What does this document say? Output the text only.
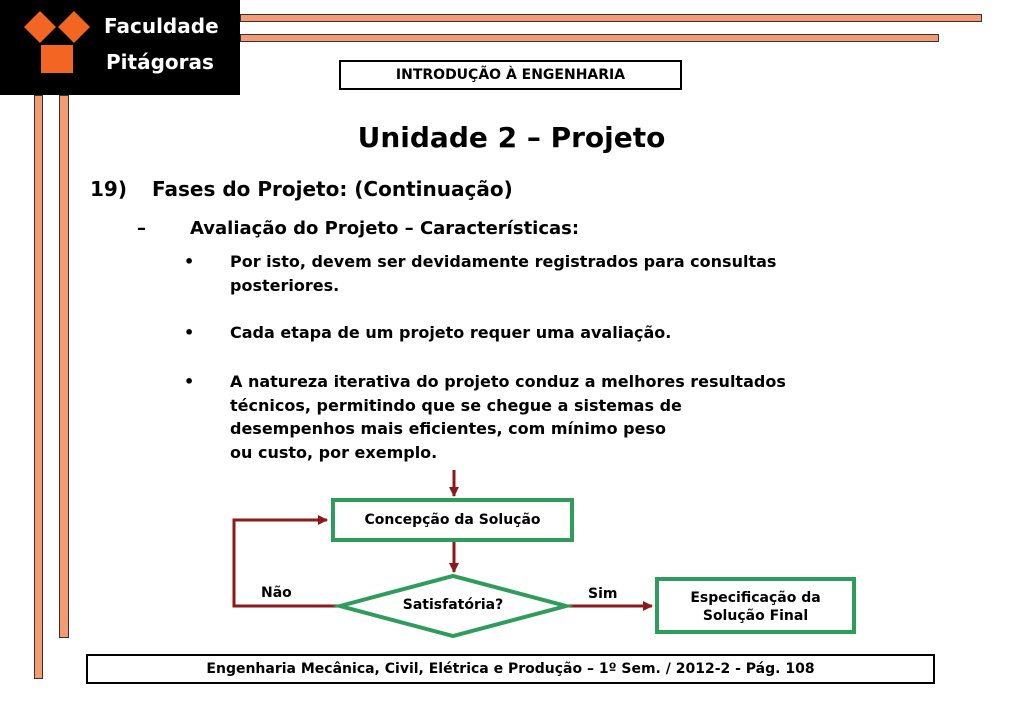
Faculdade
Pitágoras
INTRODUÇÃO À ENGENHARIA
Unidade 2 – Projeto
19) Fases do Projeto: (Continuação)
– Avaliação do Projeto – Características:
• Por isto, devem ser devidamente registrados para consultas
posteriores.
• Cada etapa de um projeto requer uma avaliação.
• A natureza iterativa do projeto conduz a melhores resultados
técnicos, permitindo que se chegue a sistemas de
desempenhos mais eficientes, com mínimo peso
ou custo, por exemplo.
Concepção da Solução
Satisfatória?
Não	Sim	Especificação da
Solução Final
Engenharia Mecânica, Civil, Elétrica e Produção – 1º Sem. / 2012-2 - Pág. 108
